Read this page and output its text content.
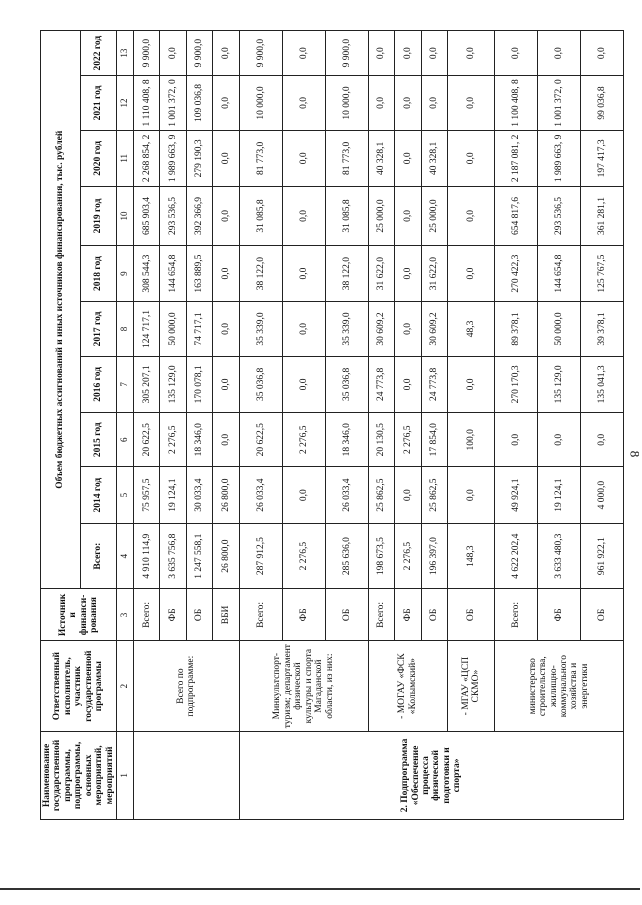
8
Наименование государственной программы, подпрограммы, основных мероприятий, мероприятий	Ответственный исполнитель, участник государственной программы	Источники финанси- рования	Объем бюджетных ассигнований и иных источников финансирования, тыс. рублей									
			Всего:	2014 год	2015 год	2016 год	2017 год	2018 год	2019 год	2020 год	2021 год	2022 год
1	2	3	4	5	6	7	8	9	10	11	12	13
	Всего по подпрограмме:	Всего:	4 910 114,9	75 957,5	20 622,5	305 207,1	124 717,1	308 544,3	685 903,4	2 268 854, 2	1 110 408, 8	9 900,0
		ФБ	3 635 756,8	19 124,1	2 276,5	135 129,0	50 000,0	144 654,8	293 536,5	1 989 663, 9	1 001 372, 0	0,0
		ОБ	1 247 558,1	30 033,4	18 346,0	170 078,1	74 717,1	163 889,5	392 366,9	279 190,3	109 036,8	9 900,0
		ВБИ	26 800,0	26 800,0	0,0	0,0	0,0	0,0	0,0	0,0	0,0	0,0
2. Подпрограмма «Обеспечение процесса физической подготовки и спорта»	Минкультспорт- туризм; департамент физической культуры и спорта Магаданской области, из них:	Всего:	287 912,5	26 033,4	20 622,5	35 036,8	35 339,0	38 122,0	31 085,8	81 773,0	10 000,0	9 900,0
		ФБ	2 276,5	0,0	2 276,5	0,0	0,0	0,0	0,0	0,0	0,0	0,0
		ОБ	285 636,0	26 033,4	18 346,0	35 036,8	35 339,0	38 122,0	31 085,8	81 773,0	10 000,0	9 900,0
	- МОГАУ «ФСК «Колымский»	Всего:	198 673,5	25 862,5	20 130,5	24 773,8	30 609,2	31 622,0	25 000,0	40 328,1	0,0	0,0
		ФБ	2 276,5	0,0	2 276,5	0,0	0,0	0,0	0,0	0,0	0,0	0,0
		ОБ	196 397,0	25 862,5	17 854,0	24 773,8	30 609,2	31 622,0	25 000,0	40 328,1	0,0	0,0
	- МГАУ «ЦСП СКМО»	ОБ	148,3	0,0	100,0	0,0	48,3	0,0	0,0	0,0	0,0	0,0
	министерство строительства, жилищно- коммунального хозяйства и энергетики	Всего:	4 622 202,4	49 924,1	0,0	270 170,3	89 378,1	270 422,3	654 817,6	2 187 081, 2	1 100 408, 8	0,0
		ФБ	3 633 480,3	19 124,1	0,0	135 129,0	50 000,0	144 654,8	293 536,5	1 989 663, 9	1 001 372, 0	0,0
		ОБ	961 922,1	4 000,0	0,0	135 041,3	39 378,1	125 767,5	361 281,1	197 417,3	99 036,8	0,0
